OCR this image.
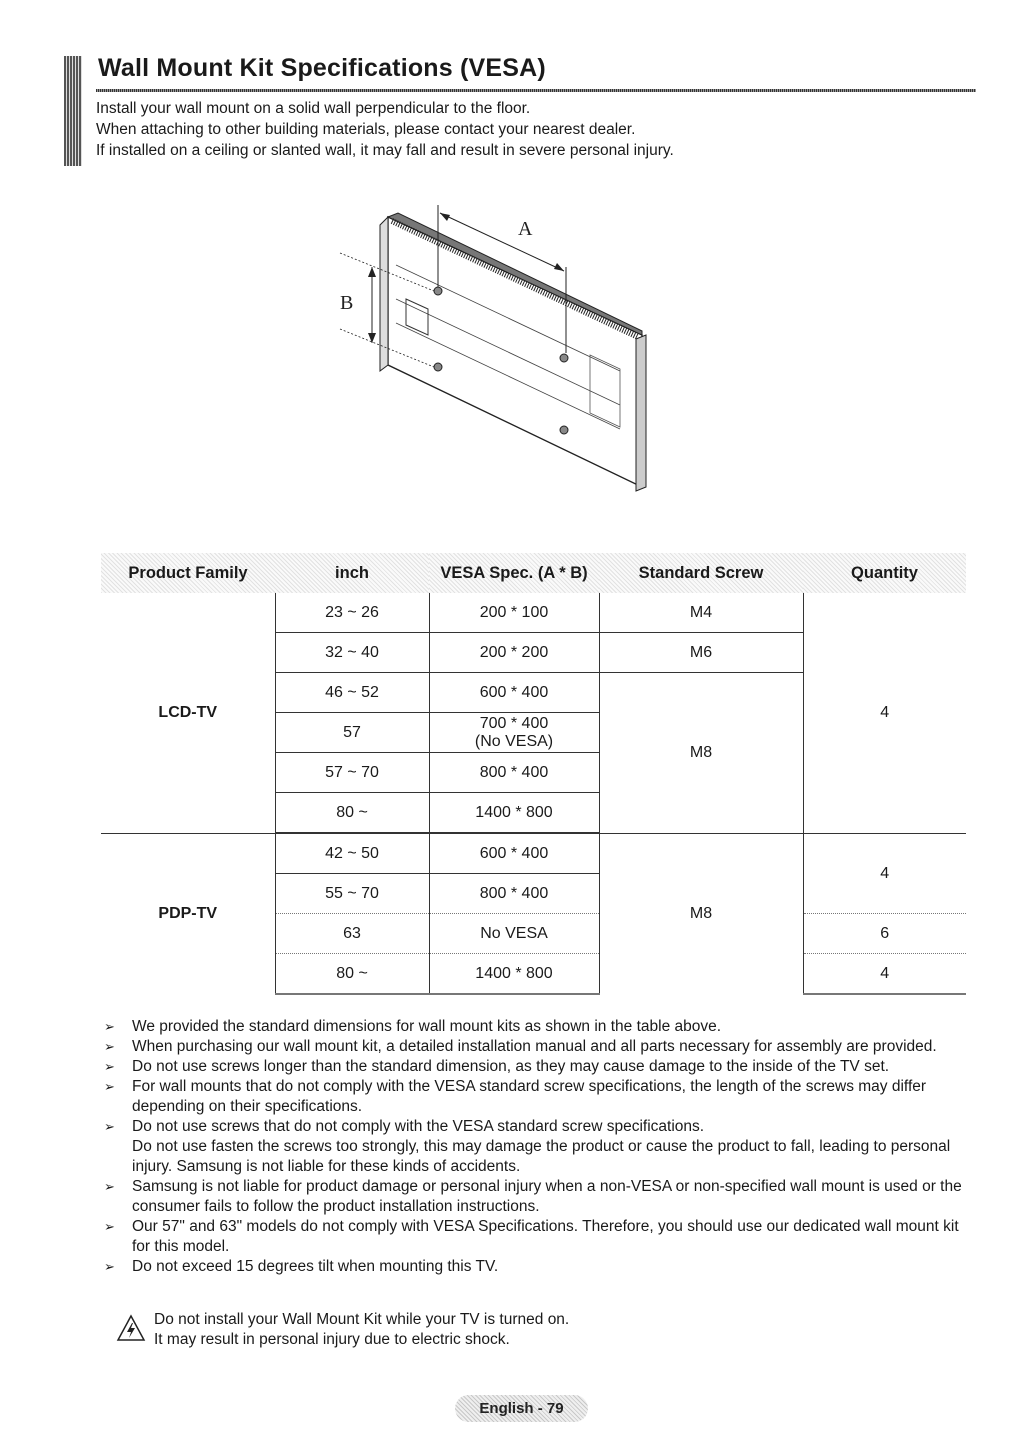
Wall Mount Kit Specifications (VESA)
Install your wall mount on a solid wall perpendicular to the floor.
When attaching to other building materials, please contact your nearest dealer.
If installed on a ceiling or slanted wall, it may fall and result in severe personal injury.
A
B
Product Family	inch	VESA Spec. (A * B)	Standard Screw	Quantity
LCD-TV	23 ~ 26	200 * 100	M4	4
	32 ~ 40	200 * 200	M6	
	46 ~ 52	600 * 400	M8	
	57	700 * 400
(No VESA)		

	57 ~ 70	800 * 400		
	80 ~	1400 * 800		

PDP-TV	42 ~ 50	600 * 400	M8	4
	55 ~ 70	800 * 400		
	63	No VESA		6
	80 ~	1400 * 800		4
➢	We provided the standard dimensions for wall mount kits as shown in the table above.
➢	When purchasing our wall mount kit, a detailed installation manual and all parts necessary for assembly are provided.
➢	Do not use screws longer than the standard dimension, as they may cause damage to the inside of the TV set.
➢	For wall mounts that do not comply with the VESA standard screw specifications, the length of the screws may differ depending on their specifications.
➢	Do not use screws that do not comply with the VESA standard screw specifications.
Do not use fasten the screws too strongly, this may damage the product or cause the product to fall, leading to personal injury. Samsung is not liable for these kinds of accidents.
➢	Samsung is not liable for product damage or personal injury when a non-VESA or non-specified wall mount is used or the consumer fails to follow the product installation instructions.
➢	Our 57" and 63" models do not comply with VESA Specifications. Therefore, you should use our dedicated wall mount kit for this model.
➢	Do not exceed 15 degrees tilt when mounting this TV.
Do not install your Wall Mount Kit while your TV is turned on.
It may result in personal injury due to electric shock.
English - 79
